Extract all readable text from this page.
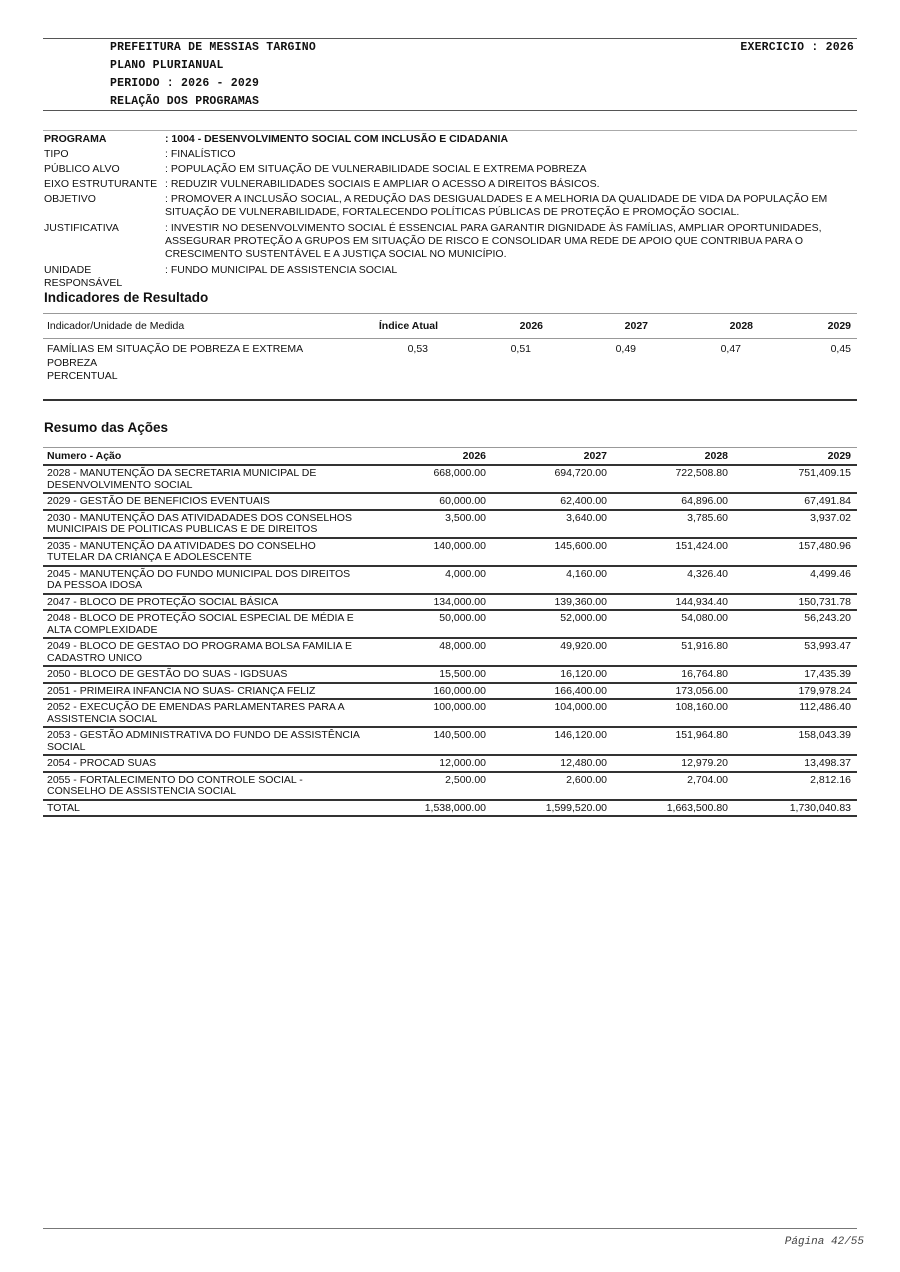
PREFEITURA DE MESSIAS TARGINO	EXERCICIO : 2026
PLANO PLURIANUAL
PERIODO : 2026 - 2029
RELAÇÃO DOS PROGRAMAS
PROGRAMA	: 1004 - DESENVOLVIMENTO SOCIAL COM INCLUSÃO E CIDADANIA
TIPO	: FINALÍSTICO
PÚBLICO ALVO	: POPULAÇÃO EM SITUAÇÃO DE VULNERABILIDADE SOCIAL E EXTREMA POBREZA
EIXO ESTRUTURANTE : REDUZIR VULNERABILIDADES SOCIAIS E AMPLIAR O ACESSO A DIREITOS BÁSICOS.
OBJETIVO	: PROMOVER A INCLUSÃO SOCIAL, A REDUÇÃO DAS DESIGUALDADES E A MELHORIA DA QUALIDADE DE VIDA DA POPULAÇÃO EM SITUAÇÃO DE VULNERABILIDADE, FORTALECENDO POLÍTICAS PÚBLICAS DE PROTEÇÃO E PROMOÇÃO SOCIAL.
JUSTIFICATIVA	: INVESTIR NO DESENVOLVIMENTO SOCIAL É ESSENCIAL PARA GARANTIR DIGNIDADE ÀS FAMÍLIAS, AMPLIAR OPORTUNIDADES, ASSEGURAR PROTEÇÃO A GRUPOS EM SITUAÇÃO DE RISCO E CONSOLIDAR UMA REDE DE APOIO QUE CONTRIBUA PARA O CRESCIMENTO SUSTENTÁVEL E A JUSTIÇA SOCIAL NO MUNICÍPIO.
UNIDADE
RESPONSÁVEL
: FUNDO MUNICIPAL DE ASSISTENCIA SOCIAL
Indicadores de Resultado
Indicador/Unidade de Medida	Índice Atual	2026	2027	2028	2029
FAMÍLIAS EM SITUAÇÃO DE POBREZA E EXTREMA
POBREZA
PERCENTUAL
0,53	0,51	0,49	0,47	0,45
Resumo das Ações
Numero - Ação	2026	2027	2028	2029
2028 - MANUTENÇÃO DA SECRETARIA MUNICIPAL DE
DESENVOLVIMENTO SOCIAL
668,000.00	694,720.00	722,508.80	751,409.15
2029 - GESTÃO DE BENEFICIOS EVENTUAIS	60,000.00	62,400.00	64,896.00	67,491.84
2030 - MANUTENÇÃO DAS ATIVIDADADES DOS CONSELHOS
MUNICIPAIS DE POLITICAS PUBLICAS E DE DIREITOS
3,500.00	3,640.00	3,785.60	3,937.02
2035 - MANUTENÇÃO DA ATIVIDADES DO CONSELHO
TUTELAR DA CRIANÇA E ADOLESCENTE
140,000.00	145,600.00	151,424.00	157,480.96
2045 - MANUTENÇÃO DO FUNDO MUNICIPAL DOS DIREITOS
DA PESSOA IDOSA
4,000.00	4,160.00	4,326.40	4,499.46
2047 - BLOCO DE PROTEÇÃO SOCIAL BÁSICA	134,000.00	139,360.00	144,934.40	150,731.78
2048 - BLOCO DE PROTEÇÃO SOCIAL ESPECIAL DE MÉDIA E
ALTA COMPLEXIDADE
50,000.00	52,000.00	54,080.00	56,243.20
2049 - BLOCO DE GESTAO DO PROGRAMA BOLSA FAMILIA E
CADASTRO UNICO
48,000.00	49,920.00	51,916.80	53,993.47
2050 - BLOCO DE GESTÃO DO SUAS - IGDSUAS	15,500.00	16,120.00	16,764.80	17,435.39
2051 - PRIMEIRA INFANCIA NO SUAS- CRIANÇA FELIZ	160,000.00	166,400.00	173,056.00	179,978.24
2052 - EXECUÇÃO DE EMENDAS PARLAMENTARES PARA A
ASSISTENCIA SOCIAL
100,000.00	104,000.00	108,160.00	112,486.40
2053 - GESTÃO ADMINISTRATIVA DO FUNDO DE ASSISTÊNCIA
SOCIAL
140,500.00	146,120.00	151,964.80	158,043.39
2054 - PROCAD SUAS	12,000.00	12,480.00	12,979.20	13,498.37
2055 - FORTALECIMENTO DO CONTROLE SOCIAL -
CONSELHO DE ASSISTENCIA SOCIAL
2,500.00	2,600.00	2,704.00	2,812.16
TOTAL	1,538,000.00	1,599,520.00	1,663,500.80	1,730,040.83
Página 42/55
